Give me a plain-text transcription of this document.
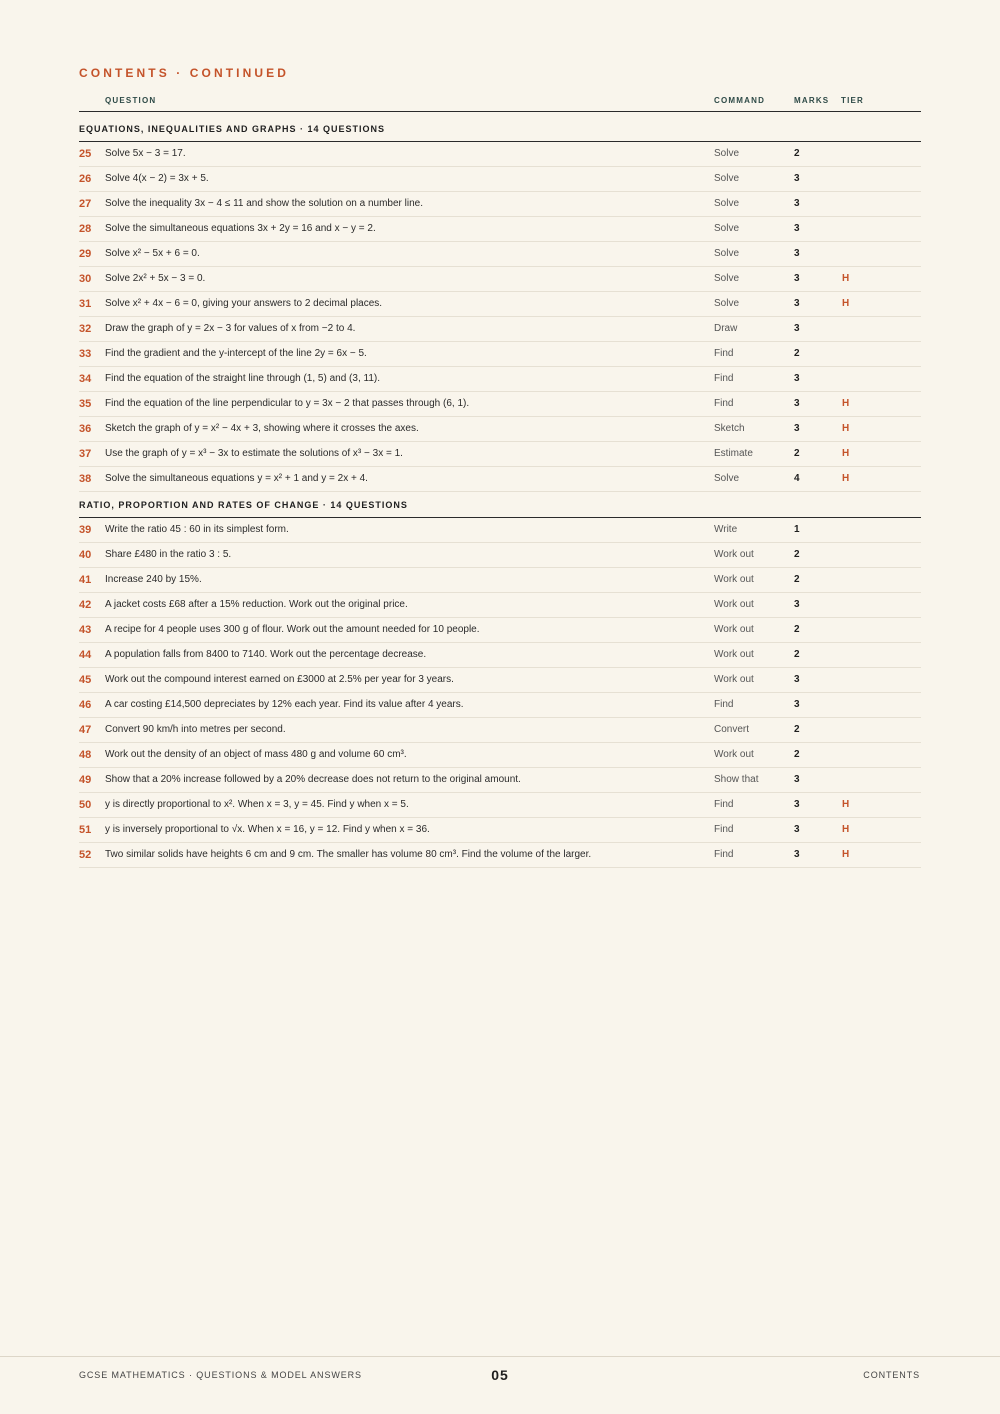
CONTENTS · CONTINUED
QUESTION	COMMAND	MARKS TIER
EQUATIONS, INEQUALITIES AND GRAPHS · 14 QUESTIONS
25 Solve 5x − 3 = 17.	Solve	2
26 Solve 4(x − 2) = 3x + 5.	Solve	3
27 Solve the inequality 3x − 4 ≤ 11 and show the solution on a number line.	Solve	3
28 Solve the simultaneous equations 3x + 2y = 16 and x − y = 2.	Solve	3
29 Solve x² − 5x + 6 = 0.	Solve	3
30 Solve 2x² + 5x − 3 = 0.	Solve	3	H
31 Solve x² + 4x − 6 = 0, giving your answers to 2 decimal places.	Solve	3	H
32 Draw the graph of y = 2x − 3 for values of x from −2 to 4.	Draw	3
33 Find the gradient and the y-intercept of the line 2y = 6x − 5.	Find	2
34 Find the equation of the straight line through (1, 5) and (3, 11).	Find	3
35 Find the equation of the line perpendicular to y = 3x − 2 that passes through (6, 1).	Find	3	H
36 Sketch the graph of y = x² − 4x + 3, showing where it crosses the axes.	Sketch	3	H
37 Use the graph of y = x³ − 3x to estimate the solutions of x³ − 3x = 1.	Estimate	2	H
38 Solve the simultaneous equations y = x² + 1 and y = 2x + 4.	Solve	4	H
RATIO, PROPORTION AND RATES OF CHANGE · 14 QUESTIONS
39 Write the ratio 45 : 60 in its simplest form.	Write	1
40 Share £480 in the ratio 3 : 5.	Work out	2
41 Increase 240 by 15%.	Work out	2
42 A jacket costs £68 after a 15% reduction. Work out the original price.	Work out	3
43 A recipe for 4 people uses 300 g of flour. Work out the amount needed for 10 people.	Work out	2
44 A population falls from 8400 to 7140. Work out the percentage decrease.	Work out	2
45 Work out the compound interest earned on £3000 at 2.5% per year for 3 years.	Work out	3
46 A car costing £14,500 depreciates by 12% each year. Find its value after 4 years.	Find	3
47 Convert 90 km/h into metres per second.	Convert	2
48 Work out the density of an object of mass 480 g and volume 60 cm³.	Work out	2
49 Show that a 20% increase followed by a 20% decrease does not return to the original amount.	Show that	3
50 y is directly proportional to x². When x = 3, y = 45. Find y when x = 5.	Find	3	H
51 y is inversely proportional to √x. When x = 16, y = 12. Find y when x = 36.	Find	3	H
52 Two similar solids have heights 6 cm and 9 cm. The smaller has volume 80 cm³. Find the volume of the larger.	Find	3	H
GCSE MATHEMATICS · QUESTIONS & MODEL ANSWERS	05	CONTENTS
